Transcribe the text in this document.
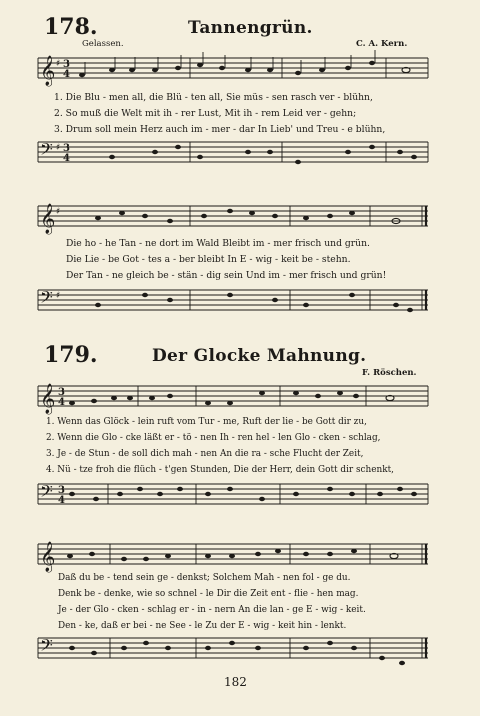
178.	Tannengrün.
Gelassen.	C. A. Kern.
𝄞 ♯ 3
4
1. Die Blu - men all, die Blü - ten all, Sie müs - sen rasch ver - blühn,
2. So muß die Welt mit ih - rer Lust, Mit ih - rem Leid ver - gehn;
3. Drum soll mein Herz auch im - mer - dar In Lieb' und Treu - e blühn,
𝄢 ♯ 3
4
𝄞 ♯
Die ho - he Tan - ne dort im Wald Bleibt im - mer frisch und grün.
Die Lie - be Got - tes a - ber bleibt In E - wig - keit be - stehn.
Der Tan - ne gleich be - stän - dig sein Und im - mer frisch und grün!
𝄢 ♯
179.	Der Glocke Mahnung.
F. Röschen.
𝄞 3
4
1. Wenn das Glöck - lein ruft vom Tur - me, Ruft der lie - be Gott dir zu,
2. Wenn die Glo - cke läßt er - tö - nen Ih - ren hel - len Glo - cken - schlag,
3. Je - de Stun - de soll dich mah - nen An die ra - sche Flucht der Zeit,
4. Nü - tze froh die flüch - t'gen Stunden, Die der Herr, dein Gott dir schenkt,
𝄢 3
4
𝄞
Daß du be - tend sein ge - denkst; Solchem Mah - nen fol - ge du.
Denk be - denke, wie so schnel - le Dir die Zeit ent - flie - hen mag.
Je - der Glo - cken - schlag er - in - nern An die lan - ge E - wig - keit.
Den - ke, daß er bei - ne See - le Zu der E - wig - keit hin - lenkt.
𝄢
182
